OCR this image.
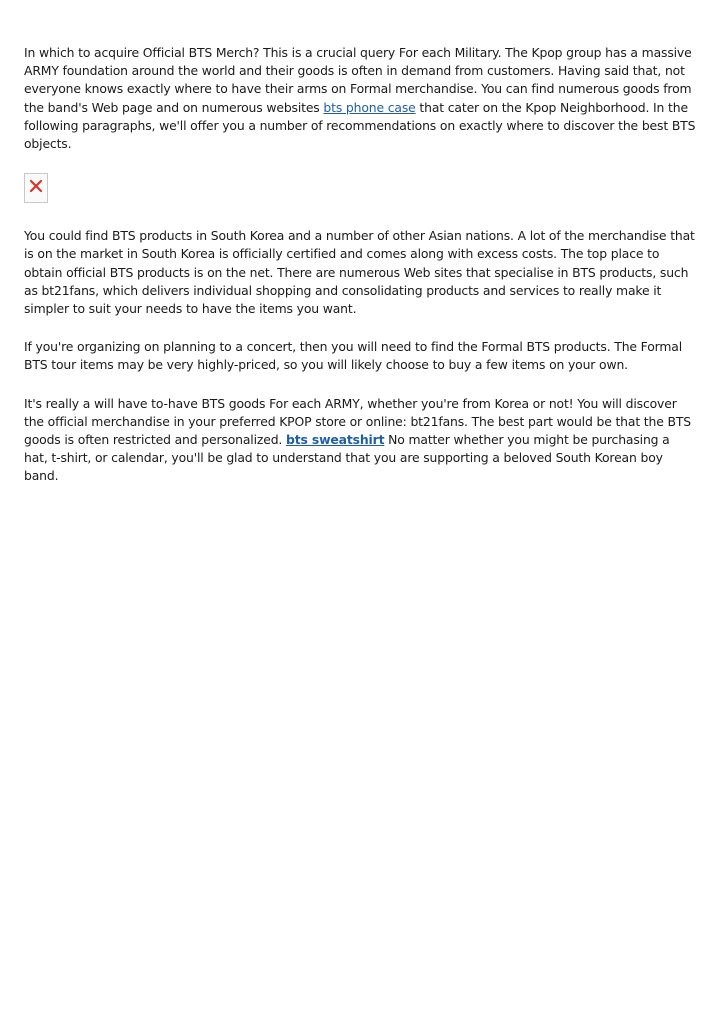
In which to acquire Official BTS Merch? This is a crucial query For each Military. The Kpop group has a massive ARMY foundation around the world and their goods is often in demand from customers. Having said that, not everyone knows exactly where to have their arms on Formal merchandise. You can find numerous goods from the band's Web page and on numerous websites bts phone case that cater on the Kpop Neighborhood. In the following paragraphs, we'll offer you a number of recommendations on exactly where to discover the best BTS objects.

You could find BTS products in South Korea and a number of other Asian nations. A lot of the merchandise that is on the market in South Korea is officially certified and comes along with excess costs. The top place to obtain official BTS products is on the net. There are numerous Web sites that specialise in BTS products, such as bt21fans, which delivers individual shopping and consolidating products and services to really make it simpler to suit your needs to have the items you want.

If you're organizing on planning to a concert, then you will need to find the Formal BTS products. The Formal BTS tour items may be very highly-priced, so you will likely choose to buy a few items on your own.

It's really a will have to-have BTS goods For each ARMY, whether you're from Korea or not! You will discover the official merchandise in your preferred KPOP store or online: bt21fans. The best part would be that the BTS goods is often restricted and personalized. bts sweatshirt No matter whether you might be purchasing a hat, t-shirt, or calendar, you'll be glad to understand that you are supporting a beloved South Korean boy band.
